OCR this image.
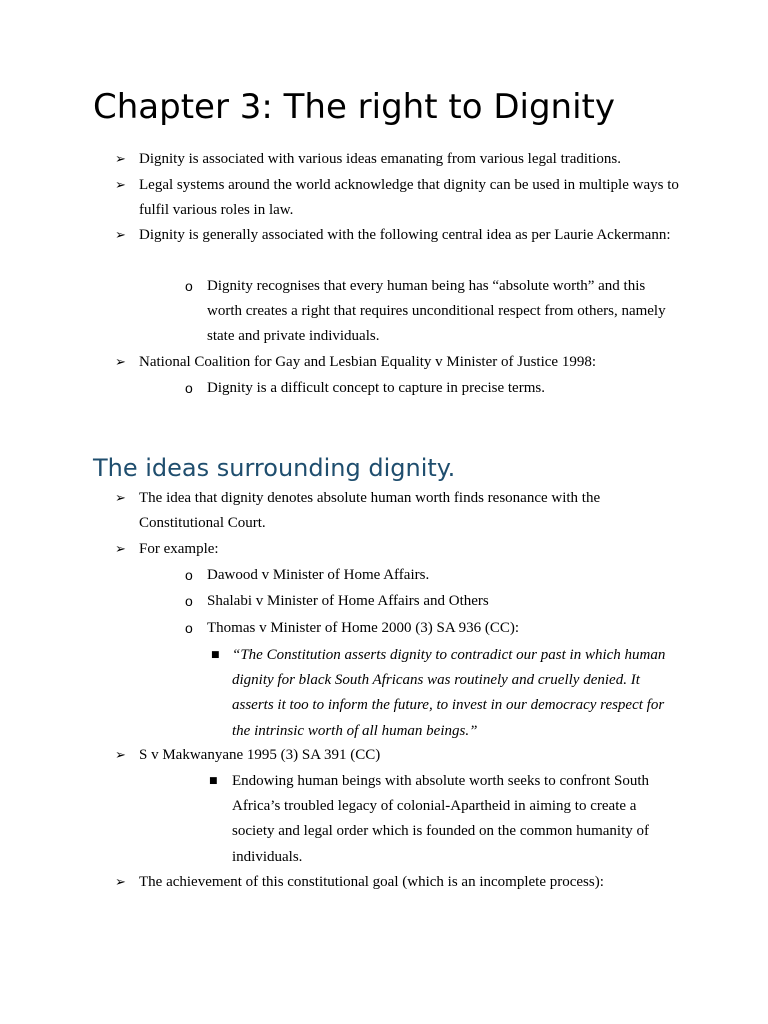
Chapter 3: The right to Dignity
➢ Dignity is associated with various ideas emanating from various legal traditions.
➢ Legal systems around the world acknowledge that dignity can be used in multiple ways to fulfil various roles in law.
➢ Dignity is generally associated with the following central idea as per Laurie Ackermann:
o Dignity recognises that every human being has “absolute worth” and this worth creates a right that requires unconditional respect from others, namely state and private individuals.
➢ National Coalition for Gay and Lesbian Equality v Minister of Justice 1998:
o Dignity is a difficult concept to capture in precise terms.
The ideas surrounding dignity.
➢ The idea that dignity denotes absolute human worth finds resonance with the Constitutional Court.
➢ For example:
o Dawood v Minister of Home Affairs.
o Shalabi v Minister of Home Affairs and Others
o Thomas v Minister of Home 2000 (3) SA 936 (CC):
■ “The Constitution asserts dignity to contradict our past in which human dignity for black South Africans was routinely and cruelly denied. It asserts it too to inform the future, to invest in our democracy respect for the intrinsic worth of all human beings.”
➢ S v Makwanyane 1995 (3) SA 391 (CC)
■ Endowing human beings with absolute worth seeks to confront South Africa’s troubled legacy of colonial-Apartheid in aiming to create a society and legal order which is founded on the common humanity of individuals.
➢ The achievement of this constitutional goal (which is an incomplete process):
